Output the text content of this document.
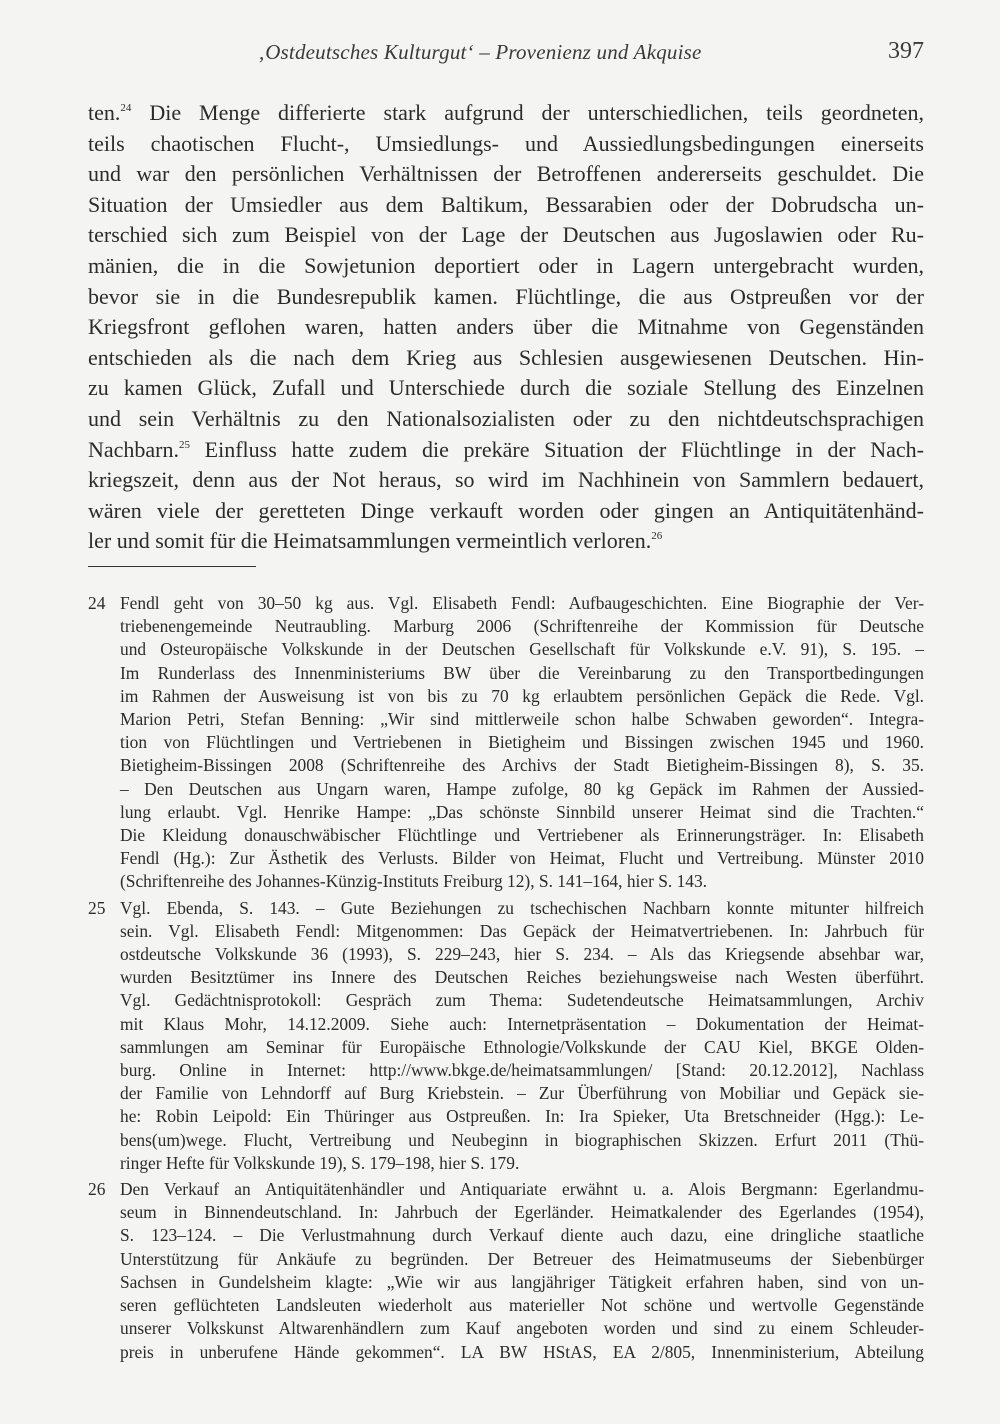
‚Ostdeutsches Kulturgut‘ – Provenienz und Akquise	397
ten.$^{24}$ Die Menge differierte stark aufgrund der unterschiedlichen, teils geordneten,
teils chaotischen Flucht-, Umsiedlungs- und Aussiedlungsbedingungen einerseits
und war den persönlichen Verhältnissen der Betroffenen andererseits geschuldet. Die
Situation der Umsiedler aus dem Baltikum, Bessarabien oder der Dobrudscha un-
terschied sich zum Beispiel von der Lage der Deutschen aus Jugoslawien oder Ru-
mänien, die in die Sowjetunion deportiert oder in Lagern untergebracht wurden,
bevor sie in die Bundesrepublik kamen. Flüchtlinge, die aus Ostpreußen vor der
Kriegsfront geflohen waren, hatten anders über die Mitnahme von Gegenständen
entschieden als die nach dem Krieg aus Schlesien ausgewiesenen Deutschen. Hin-
zu kamen Glück, Zufall und Unterschiede durch die soziale Stellung des Einzelnen
und sein Verhältnis zu den Nationalsozialisten oder zu den nichtdeutschsprachigen
Nachbarn.$^{25}$ Einfluss hatte zudem die prekäre Situation der Flüchtlinge in der Nach-
kriegszeit, denn aus der Not heraus, so wird im Nachhinein von Sammlern bedauert,
wären viele der geretteten Dinge verkauft worden oder gingen an Antiquitätenhänd-
ler und somit für die Heimatsammlungen vermeintlich verloren.$^{26}$
24 Fendl geht von 30–50 kg aus. Vgl. Elisabeth Fendl: Aufbaugeschichten. Eine Biographie der Ver-
triebenengemeinde Neutraubling. Marburg 2006 (Schriftenreihe der Kommission für Deutsche
und Osteuropäische Volkskunde in der Deutschen Gesellschaft für Volkskunde e.V. 91), S. 195. –
Im Runderlass des Innenministeriums BW über die Vereinbarung zu den Transportbedingungen
im Rahmen der Ausweisung ist von bis zu 70 kg erlaubtem persönlichen Gepäck die Rede. Vgl.
Marion Petri, Stefan Benning: „Wir sind mittlerweile schon halbe Schwaben geworden“. Integra-
tion von Flüchtlingen und Vertriebenen in Bietigheim und Bissingen zwischen 1945 und 1960.
Bietigheim-Bissingen 2008 (Schriftenreihe des Archivs der Stadt Bietigheim-Bissingen 8), S. 35.
– Den Deutschen aus Ungarn waren, Hampe zufolge, 80 kg Gepäck im Rahmen der Aussied-
lung erlaubt. Vgl. Henrike Hampe: „Das schönste Sinnbild unserer Heimat sind die Trachten.“
Die Kleidung donauschwäbischer Flüchtlinge und Vertriebener als Erinnerungsträger. In: Elisabeth
Fendl (Hg.): Zur Ästhetik des Verlusts. Bilder von Heimat, Flucht und Vertreibung. Münster 2010
(Schriftenreihe des Johannes-Künzig-Instituts Freiburg 12), S. 141–164, hier S. 143.
25 Vgl. Ebenda, S. 143. – Gute Beziehungen zu tschechischen Nachbarn konnte mitunter hilfreich
sein. Vgl. Elisabeth Fendl: Mitgenommen: Das Gepäck der Heimatvertriebenen. In: Jahrbuch für
ostdeutsche Volkskunde 36 (1993), S. 229–243, hier S. 234. – Als das Kriegsende absehbar war,
wurden Besitztümer ins Innere des Deutschen Reiches beziehungsweise nach Westen überführt.
Vgl. Gedächtnisprotokoll: Gespräch zum Thema: Sudetendeutsche Heimatsammlungen, Archiv
mit Klaus Mohr, 14.12.2009. Siehe auch: Internetpräsentation – Dokumentation der Heimat-
sammlungen am Seminar für Europäische Ethnologie/Volkskunde der CAU Kiel, BKGE Olden-
burg. Online in Internet: http://www.bkge.de/heimatsammlungen/ [Stand: 20.12.2012], Nachlass
der Familie von Lehndorff auf Burg Kriebstein. – Zur Überführung von Mobiliar und Gepäck sie-
he: Robin Leipold: Ein Thüringer aus Ostpreußen. In: Ira Spieker, Uta Bretschneider (Hgg.): Le-
bens(um)wege. Flucht, Vertreibung und Neubeginn in biographischen Skizzen. Erfurt 2011 (Thü-
ringer Hefte für Volkskunde 19), S. 179–198, hier S. 179.
26 Den Verkauf an Antiquitätenhändler und Antiquariate erwähnt u. a. Alois Bergmann: Egerlandmu-
seum in Binnendeutschland. In: Jahrbuch der Egerländer. Heimatkalender des Egerlandes (1954),
S. 123–124. – Die Verlustmahnung durch Verkauf diente auch dazu, eine dringliche staatliche
Unterstützung für Ankäufe zu begründen. Der Betreuer des Heimatmuseums der Siebenbürger
Sachsen in Gundelsheim klagte: „Wie wir aus langjähriger Tätigkeit erfahren haben, sind von un-
seren geflüchteten Landsleuten wiederholt aus materieller Not schöne und wertvolle Gegenstände
unserer Volkskunst Altwarenhändlern zum Kauf angeboten worden und sind zu einem Schleuder-
preis in unberufene Hände gekommen“. LA BW HStAS, EA 2/805, Innenministerium, Abteilung
